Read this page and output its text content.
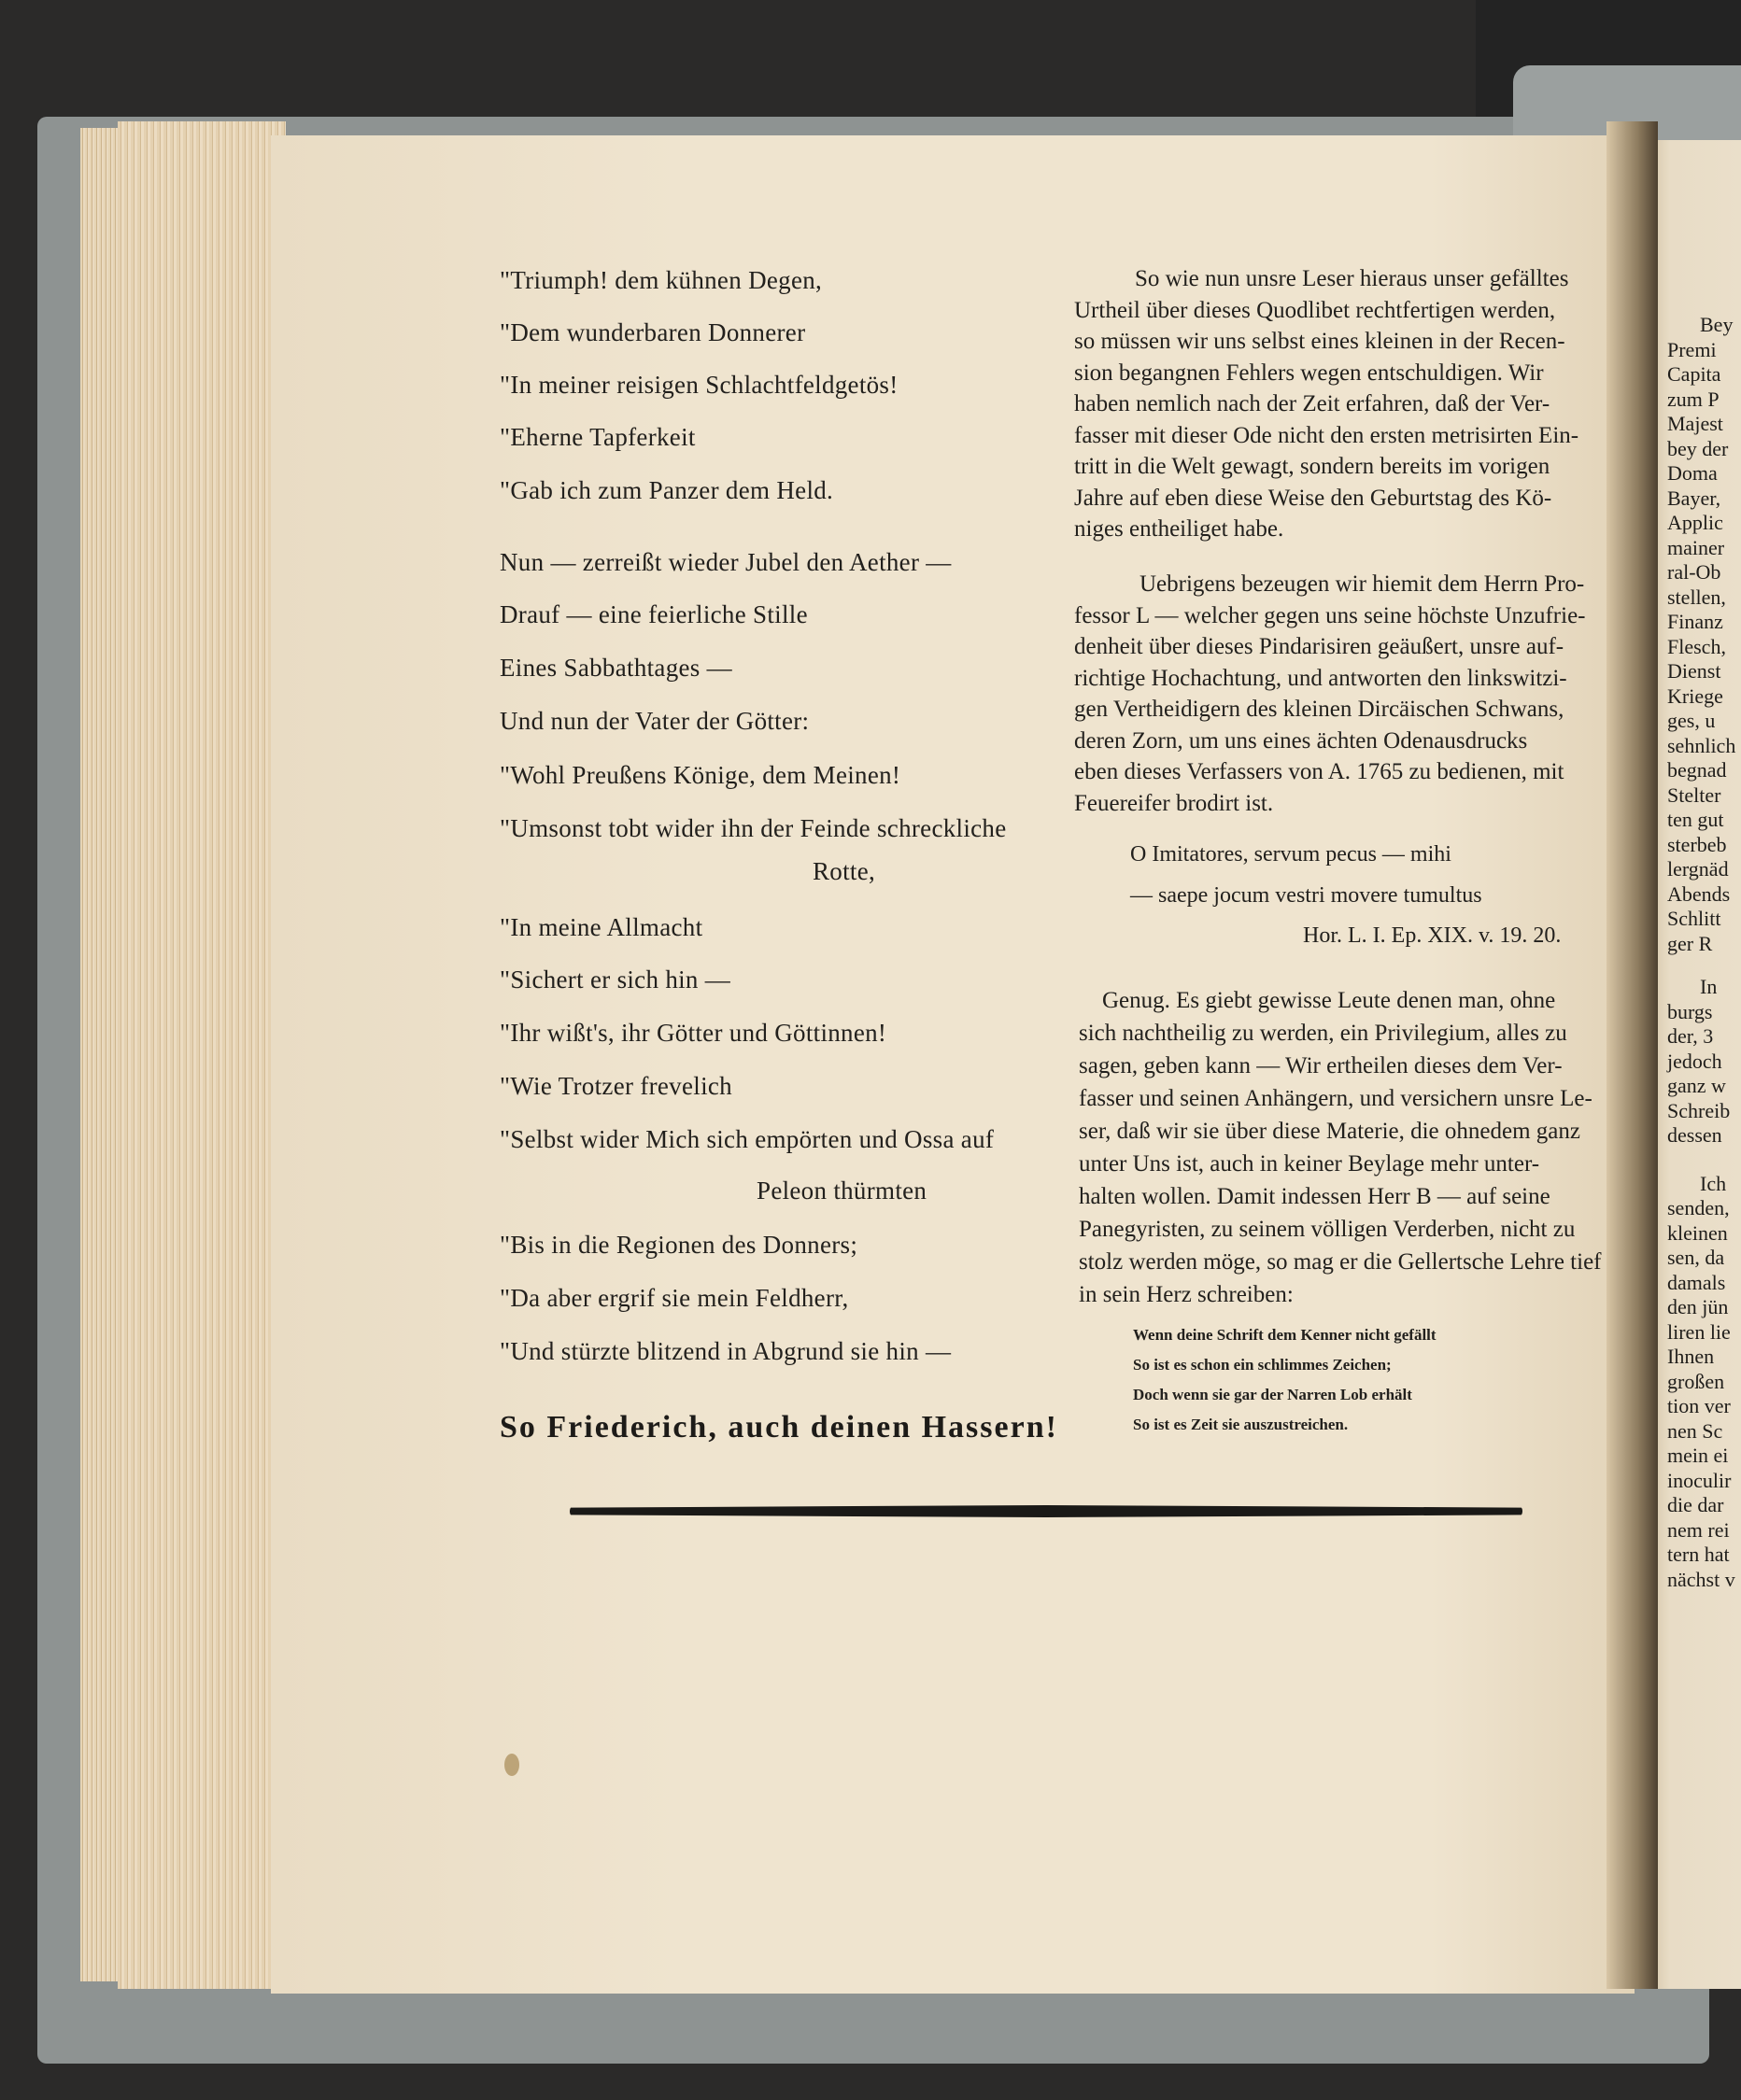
"Triumph! dem kühnen Degen,
"Dem wunderbaren Donnerer
"In meiner reisigen Schlachtfeldgetös!
"Eherne Tapferkeit
"Gab ich zum Panzer dem Held.
Nun — zerreißt wieder Jubel den Aether —
Drauf — eine feierliche Stille
Eines Sabbathtages —
Und nun der Vater der Götter:
"Wohl Preußens Könige, dem Meinen!
"Umsonst tobt wider ihn der Feinde schreckliche
Rotte,
"In meine Allmacht
"Sichert er sich hin —
"Ihr wißt's, ihr Götter und Göttinnen!
"Wie Trotzer frevelich
"Selbst wider Mich sich empörten und Ossa auf
Peleon thürmten
"Bis in die Regionen des Donners;
"Da aber ergrif sie mein Feldherr,
"Und stürzte blitzend in Abgrund sie hin —
So Friederich, auch deinen Hassern!
So wie nun unsre Leser hieraus unser gefälltes
Urtheil über dieses Quodlibet rechtfertigen werden,
so müssen wir uns selbst eines kleinen in der Recen-
sion begangnen Fehlers wegen entschuldigen. Wir
haben nemlich nach der Zeit erfahren, daß der Ver-
fasser mit dieser Ode nicht den ersten metrisirten Ein-
tritt in die Welt gewagt, sondern bereits im vorigen
Jahre auf eben diese Weise den Geburtstag des Kö-
niges entheiliget habe.
Uebrigens bezeugen wir hiemit dem Herrn Pro-
fessor L — welcher gegen uns seine höchste Unzufrie-
denheit über dieses Pindarisiren geäußert, unsre auf-
richtige Hochachtung, und antworten den linkswitzi-
gen Vertheidigern des kleinen Dircäischen Schwans,
deren Zorn, um uns eines ächten Odenausdrucks
eben dieses Verfassers von A. 1765 zu bedienen, mit
Feuereifer brodirt ist.
O Imitatores, servum pecus — mihi
— saepe jocum vestri movere tumultus
Hor. L. I. Ep. XIX. v. 19. 20.
Genug. Es giebt gewisse Leute denen man, ohne
sich nachtheilig zu werden, ein Privilegium, alles zu
sagen, geben kann — Wir ertheilen dieses dem Ver-
fasser und seinen Anhängern, und versichern unsre Le-
ser, daß wir sie über diese Materie, die ohnedem ganz
unter Uns ist, auch in keiner Beylage mehr unter-
halten wollen. Damit indessen Herr B — auf seine
Panegyristen, zu seinem völligen Verderben, nicht zu
stolz werden möge, so mag er die Gellertsche Lehre tief
in sein Herz schreiben:
Wenn deine Schrift dem Kenner nicht gefällt
So ist es schon ein schlimmes Zeichen;
Doch wenn sie gar der Narren Lob erhält
So ist es Zeit sie auszustreichen.
Bey
Premi
Capita
zum P
Majest
bey der
Doma
Bayer,
Applic
mainer
ral-Ob
stellen,
Finanz
Flesch,
Dienst
Kriege
ges, u
sehnlich
begnad
Stelter
ten gut
sterbeb
lergnäd
Abends
Schlitt
ger R
In
burgs
der, 3
jedoch
ganz w
Schreib
dessen
Ich
senden,
kleinen
sen, da
damals
den jün
liren lie
Ihnen
großen
tion ver
nen Sc
mein ei
inoculir
die dar
nem rei
tern hat
nächst v
